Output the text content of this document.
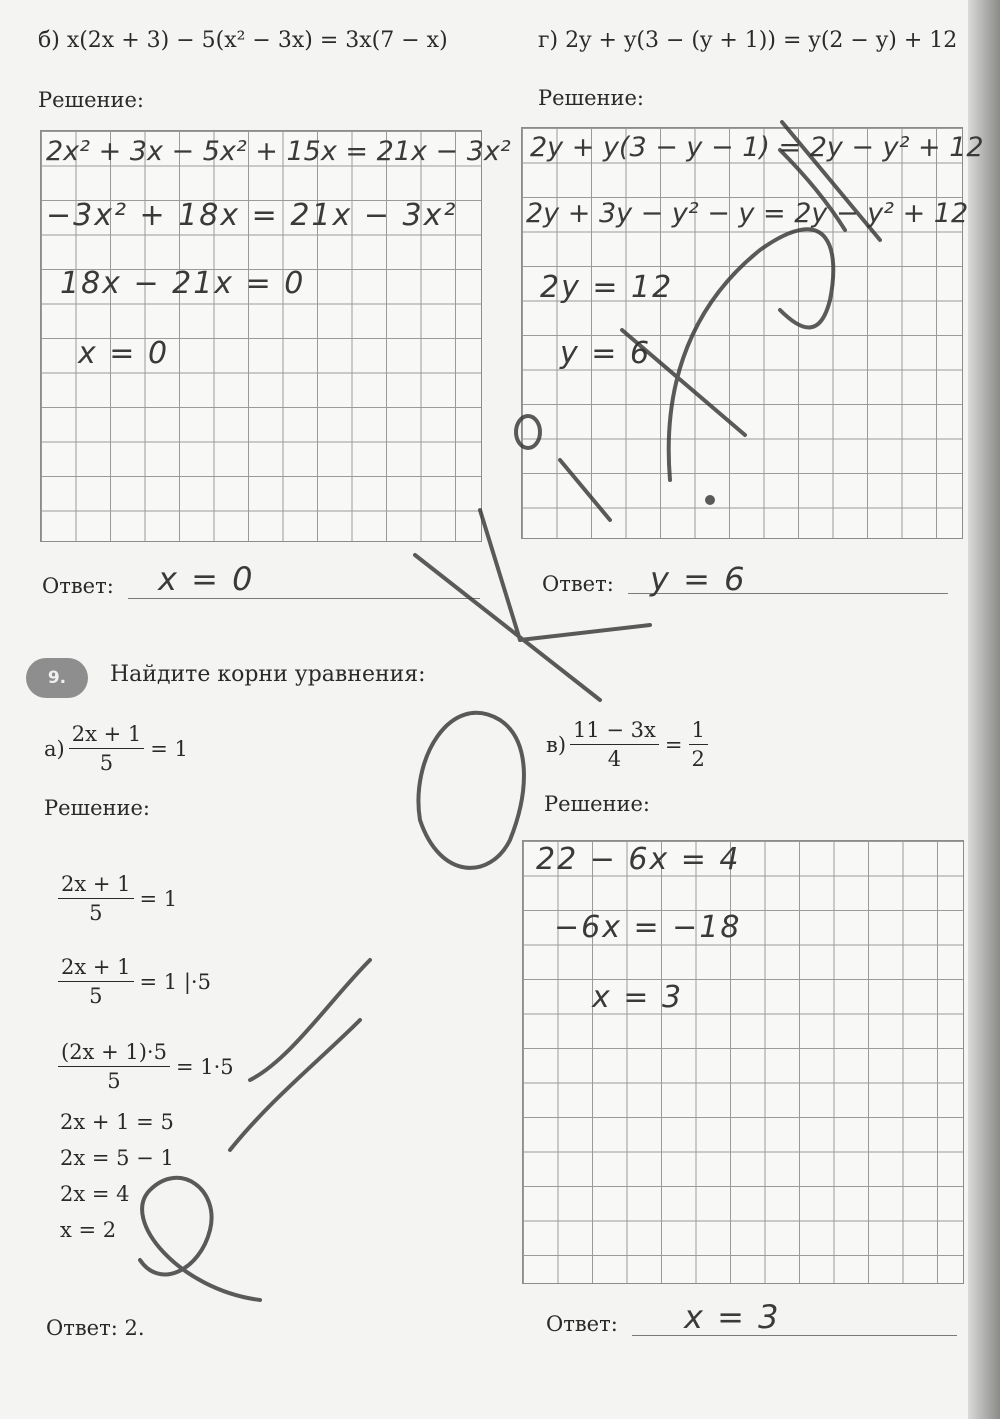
б) x(2x + 3) − 5(x² − 3x) = 3x(7 − x)
Решение:
2x² + 3x − 5x² + 15x = 21x − 3x²
−3x² + 18x = 21x − 3x²
18x − 21x = 0
x = 0
Ответ: x = 0
г) 2y + y(3 − (y + 1)) = y(2 − y) + 12
Решение:
2y + y(3 − y − 1) = 2y − y² + 12
2y + 3y − y² − y = 2y − y² + 12
2y = 12
y = 6
Ответ: y = 6
9.	Найдите корни уравнения:
$а) \frac{2x + 1}{5} = 1$
Решение:
$\frac{2x + 1}{5} = 1$
$\frac{2x + 1}{5} = 1$ |·5
$\frac{(2x + 1)\cdot 5}{5} = 1\cdot 5$
2x + 1 = 5
2x = 5 − 1
2x = 4
x = 2
Ответ: 2.
$в) \frac{11 - 3x}{4} = \frac{1}{2}$
Решение:
22 − 6x = 4
−6x = −18
x = 3
Ответ: x = 3
